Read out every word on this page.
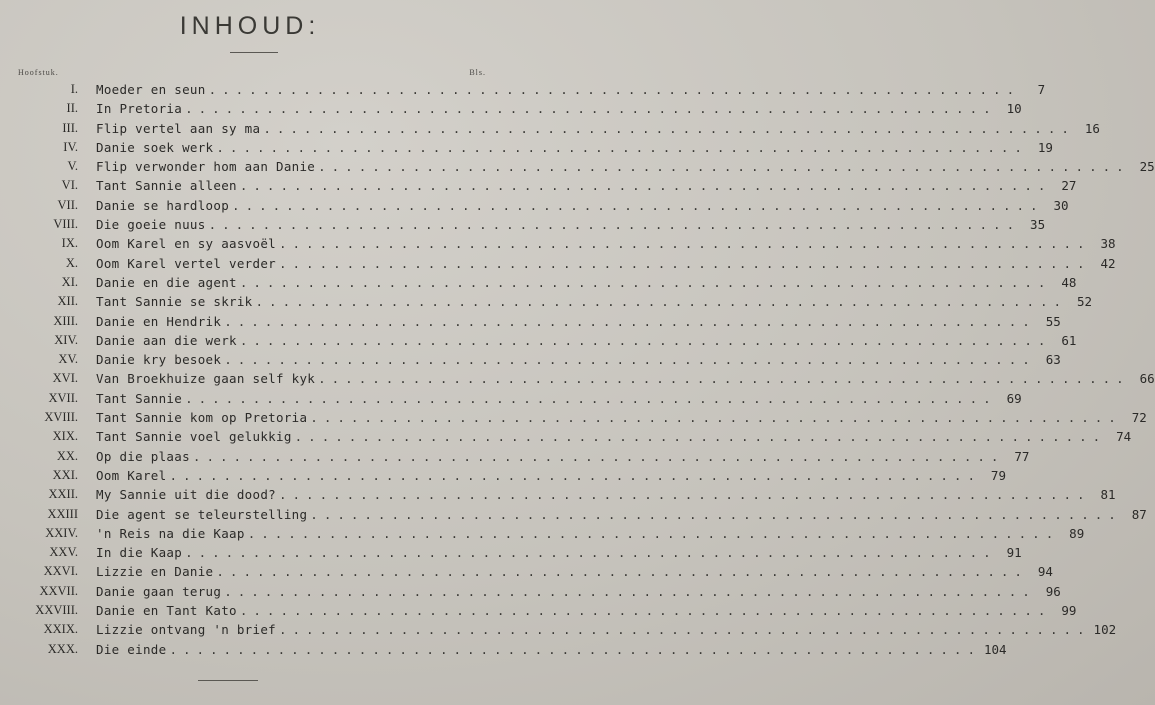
INHOUD:
Hoofstuk.	Bls.
I. Moeder en seun ............................................................	7
II. In Pretoria ............................................................ 10
III. Flip vertel aan sy ma ............................................................ 16
IV. Danie soek werk ............................................................ 19
V. Flip verwonder hom aan Danie ............................................................ 25
VI. Tant Sannie alleen ............................................................ 27
VII. Danie se hardloop ............................................................ 30
VIII. Die goeie nuus ............................................................ 35
IX. Oom Karel en sy aasvoël ............................................................ 38
X. Oom Karel vertel verder ............................................................ 42
XI. Danie en die agent ............................................................ 48
XII. Tant Sannie se skrik ............................................................ 52
XIII. Danie en Hendrik ............................................................ 55
XIV. Danie aan die werk ............................................................ 61
XV. Danie kry besoek ............................................................ 63
XVI. Van Broekhuize gaan self kyk ............................................................ 66
XVII. Tant Sannie ............................................................ 69
XVIII. Tant Sannie kom op Pretoria ............................................................ 72
XIX. Tant Sannie voel gelukkig ............................................................ 74
XX. Op die plaas ............................................................ 77
XXI. Oom Karel ............................................................ 79
XXII. My Sannie uit die dood? ............................................................ 81
XXIII Die agent se teleurstelling ............................................................ 87
XXIV. 'n Reis na die Kaap ............................................................ 89
XXV. In die Kaap ............................................................ 91
XXVI. Lizzie en Danie ............................................................ 94
XXVII. Danie gaan terug ............................................................ 96
XXVIII. Danie en Tant Kato ............................................................ 99
XXIX. Lizzie ontvang 'n brief ............................................................ 102
XXX. Die einde ............................................................ 104
